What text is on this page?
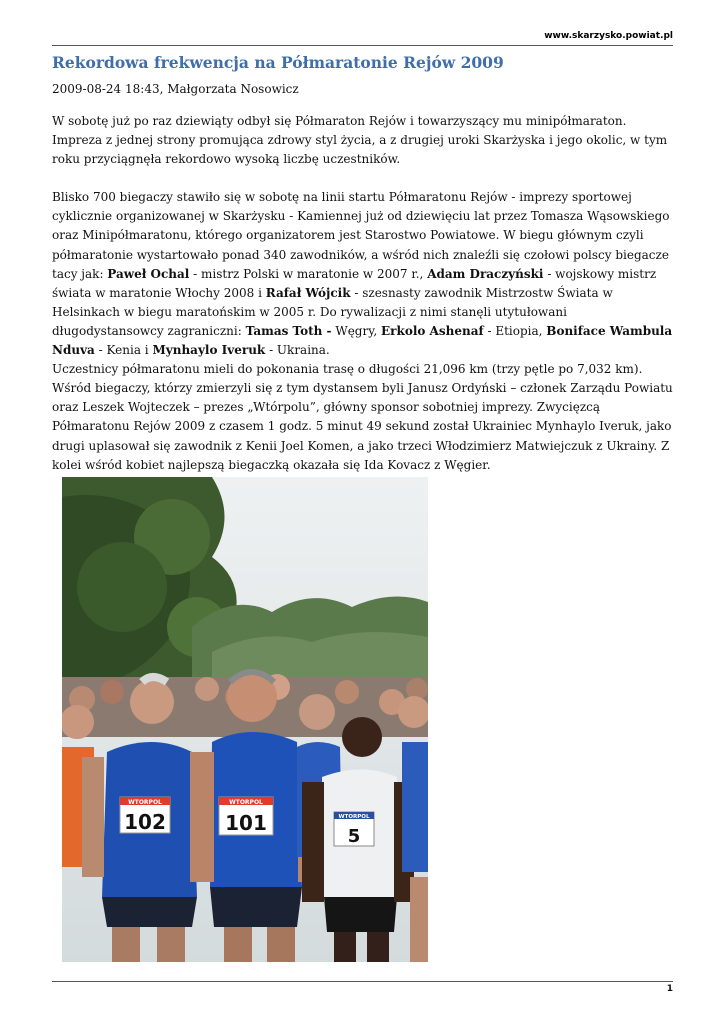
www.skarzysko.powiat.pl
Rekordowa frekwencja na Półmaratonie Rejów 2009
2009-08-24 18:43, Małgorzata Nosowicz

W sobotę już po raz dziewiąty odbył się Półmaraton Rejów i towarzyszący mu minipółmaraton. Impreza z jednej strony promująca zdrowy styl życia, a z drugiej uroki Skarżyska i jego okolic, w tym roku przyciągnęła rekordowo wysoką liczbę uczestników.

Blisko 700 biegaczy stawiło się w sobotę na linii startu Półmaratonu Rejów - imprezy sportowej cyklicznie organizowanej w Skarżysku - Kamiennej już od dziewięciu lat przez Tomasza Wąsowskiego oraz Minipółmaratonu, którego organizatorem jest Starostwo Powiatowe. W biegu głównym czyli półmaratonie wystartowało ponad 340 zawodników, a wśród nich znaleźli się czołowi polscy biegacze tacy jak: Paweł Ochal - mistrz Polski w maratonie w 2007 r., Adam Draczyński - wojskowy mistrz świata w maratonie Włochy 2008 i Rafał Wójcik - szesnasty zawodnik Mistrzostw Świata w Helsinkach w biegu maratońskim w 2005 r. Do rywalizacji z nimi stanęli utytułowani długodystansowcy zagraniczni: Tamas Toth - Węgry, Erkolo Ashenaf - Etiopia, Boniface Wambula Nduva - Kenia i Mynhaylo Iveruk - Ukraina.

Uczestnicy półmaratonu mieli do pokonania trasę o długości 21,096 km (trzy pętle po 7,032 km). Wśród biegaczy, którzy zmierzyli się z tym dystansem byli Janusz Ordyński – członek Zarządu Powiatu oraz Leszek Wojteczek – prezes „Wtórpolu”, główny sponsor sobotniej imprezy. Zwycięzcą Półmaratonu Rejów 2009 z czasem 1 godz. 5 minut 49 sekund został Ukrainiec Mynhaylo Iveruk, jako drugi uplasował się zawodnik z Kenii Joel Komen, a jako trzeci Włodzimierz Matwiejczuk z Ukrainy. Z kolei wśród kobiet najlepszą biegaczką okazała się Ida Kovacz z Węgier.

WTORPOL
102
WTORPOL
101	WTORPOL
5
1
